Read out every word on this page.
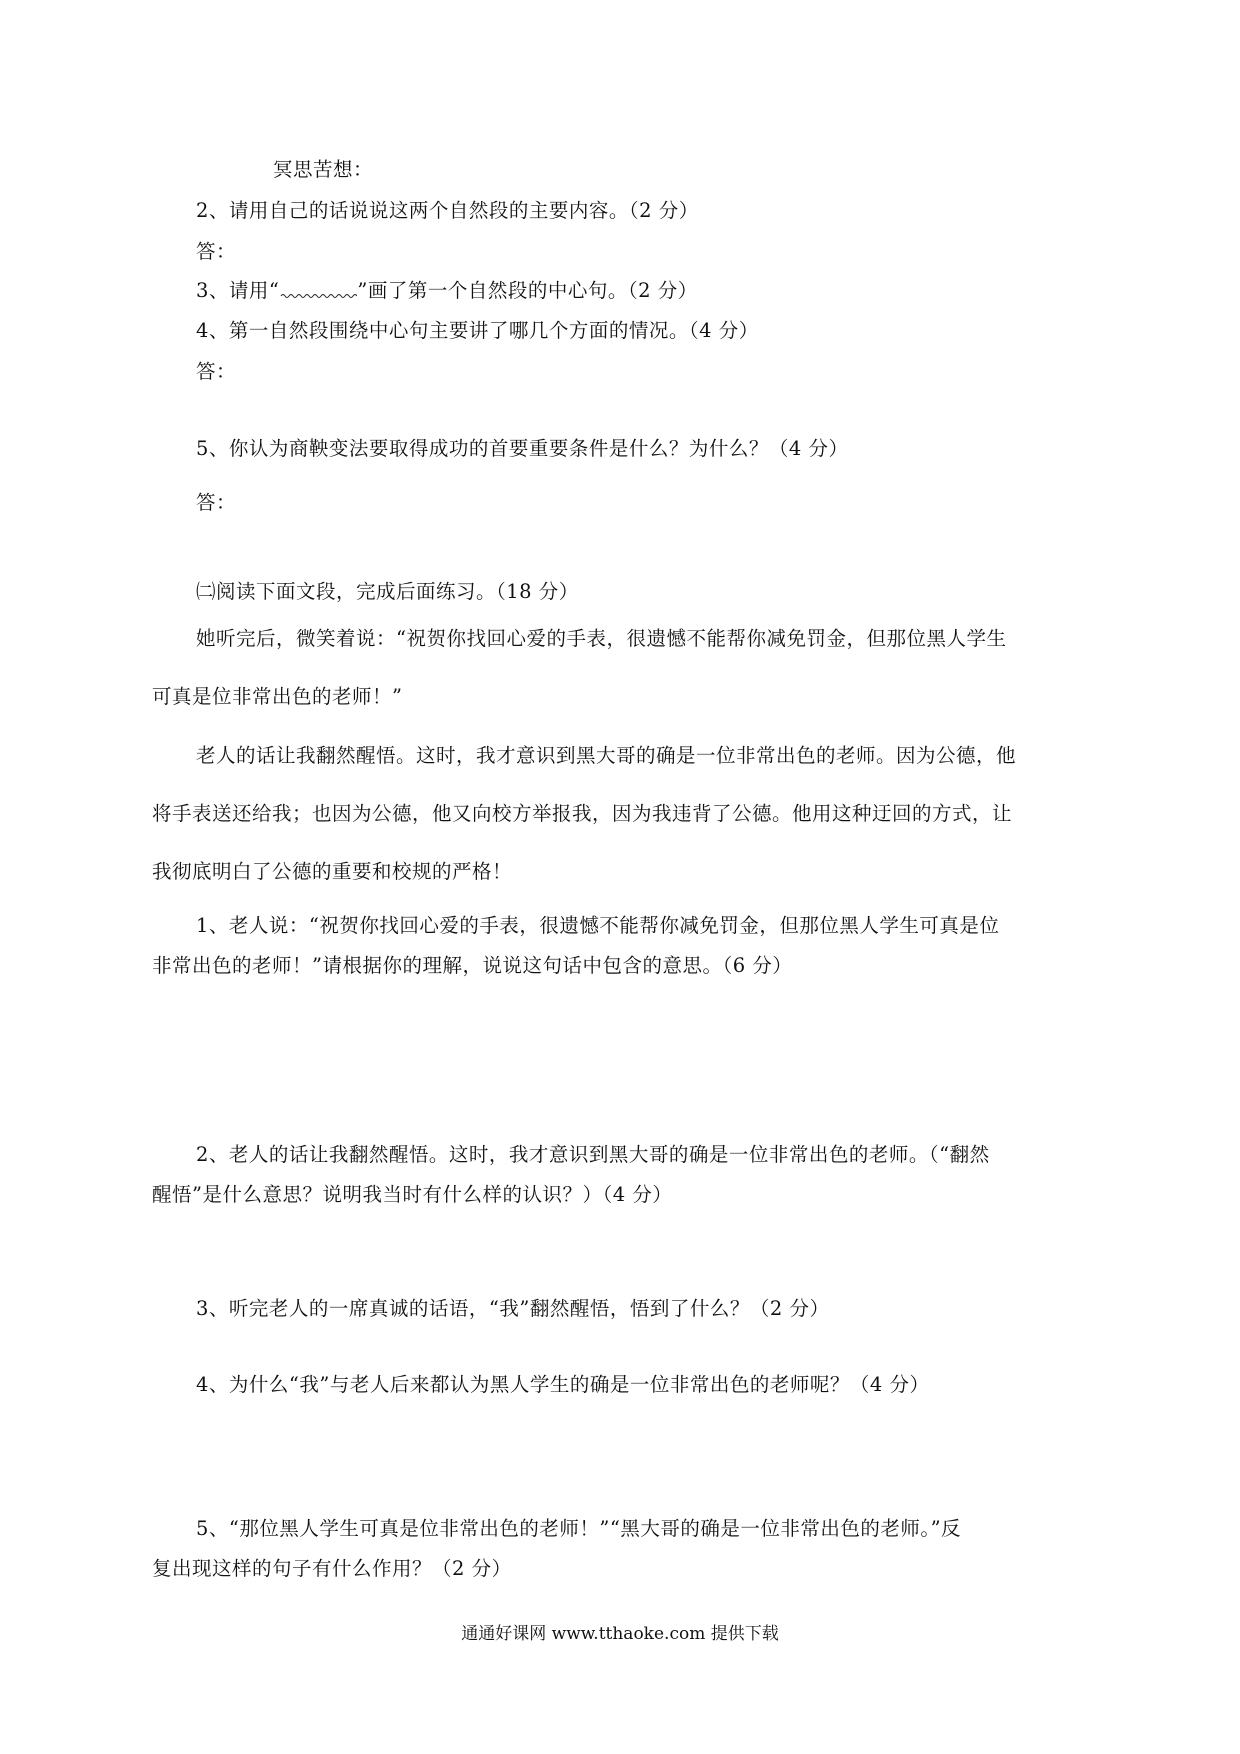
冥思苦想：
2、请用自己的话说说这两个自然段的主要内容。（2 分）
答：
3、请用“	”画了第一个自然段的中心句。（2 分）
4、第一自然段围绕中心句主要讲了哪几个方面的情况。（4 分）
答：
5、你认为商鞅变法要取得成功的首要重要条件是什么？为什么？（4 分）
答：
㈡阅读下面文段，完成后面练习。（18 分）
她听完后，微笑着说：“祝贺你找回心爱的手表，很遗憾不能帮你减免罚金，但那位黑人学生
可真是位非常出色的老师！”
老人的话让我翻然醒悟。这时，我才意识到黑大哥的确是一位非常出色的老师。因为公德，他
将手表送还给我；也因为公德，他又向校方举报我，因为我违背了公德。他用这种迂回的方式，让
我彻底明白了公德的重要和校规的严格！
1、老人说：“祝贺你找回心爱的手表，很遗憾不能帮你减免罚金，但那位黑人学生可真是位
非常出色的老师！”请根据你的理解，说说这句话中包含的意思。（6 分）
2、老人的话让我翻然醒悟。这时，我才意识到黑大哥的确是一位非常出色的老师。（“翻然
醒悟”是什么意思？说明我当时有什么样的认识？）（4 分）
3、听完老人的一席真诚的话语，“我”翻然醒悟，悟到了什么？（2 分）
4、为什么“我”与老人后来都认为黑人学生的确是一位非常出色的老师呢？（4 分）
5、“那位黑人学生可真是位非常出色的老师！”“黑大哥的确是一位非常出色的老师。”反
复出现这样的句子有什么作用？（2 分）
通通好课网 www.tthaoke.com 提供下载
